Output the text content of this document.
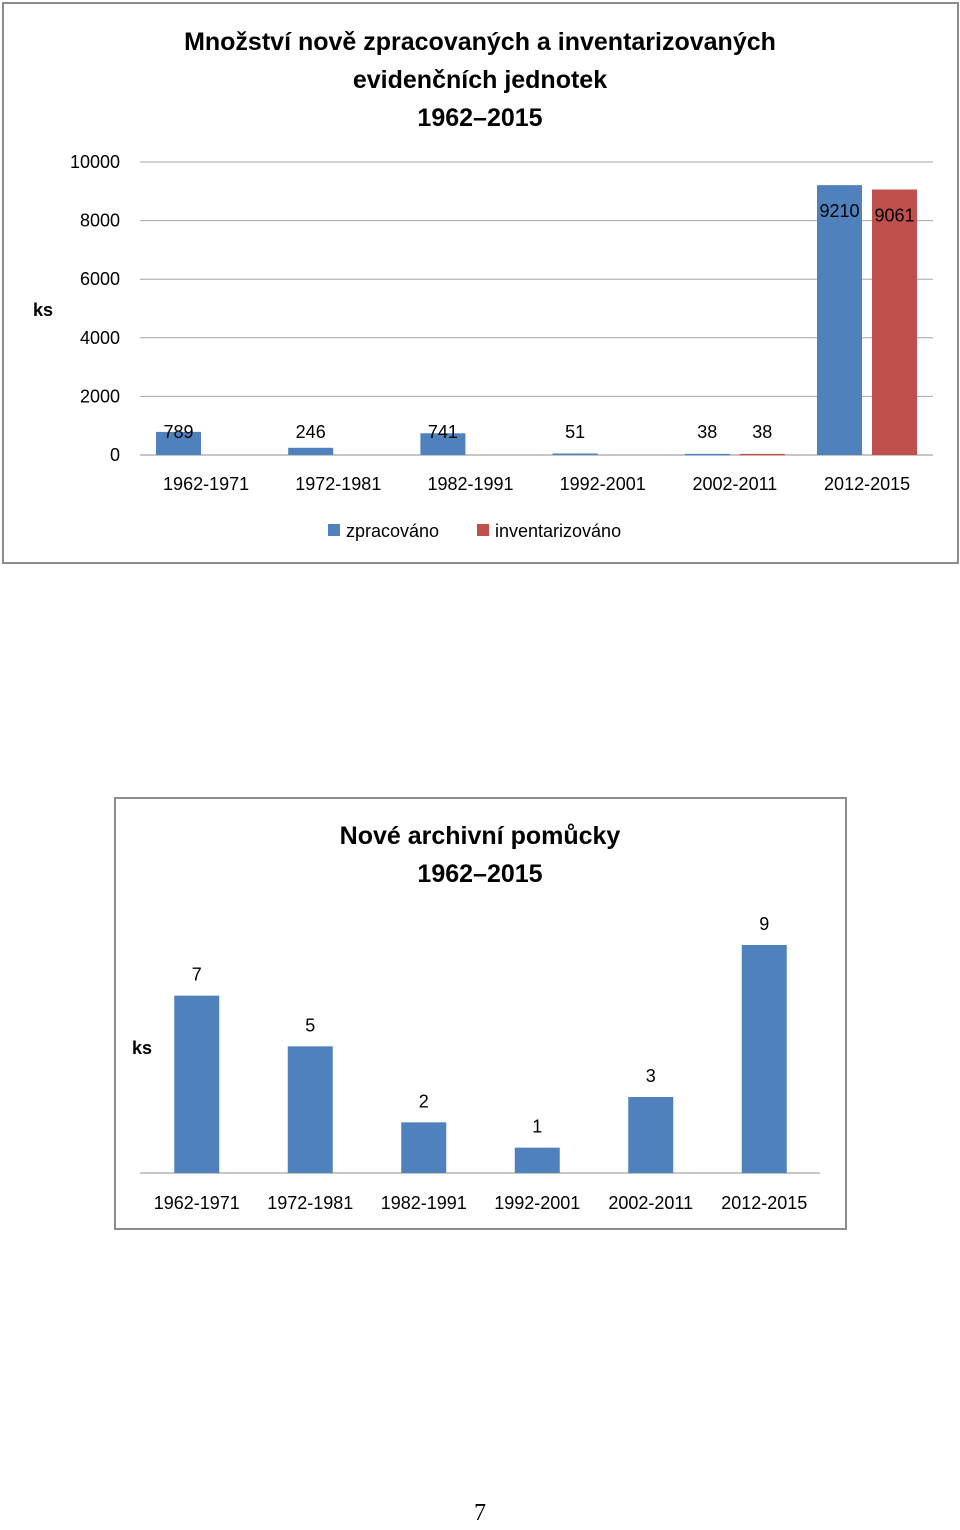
Množství nově zpracovaných a inventarizovaných
evidenčních jednotek
1962–2015
0
2000
4000
6000
8000
10000
ks
1962-1971
789
1972-1981
246
1982-1991
741
1992-2001
51
2002-2011
38 38
2012-2015
9210 9061
zpracováno	inventarizováno
Nové archivní pomůcky
1962–2015
ks
1962-1971
7
1972-1981
5
1982-1991
2
1992-2001
1
2002-2011
3
2012-2015
9
7
